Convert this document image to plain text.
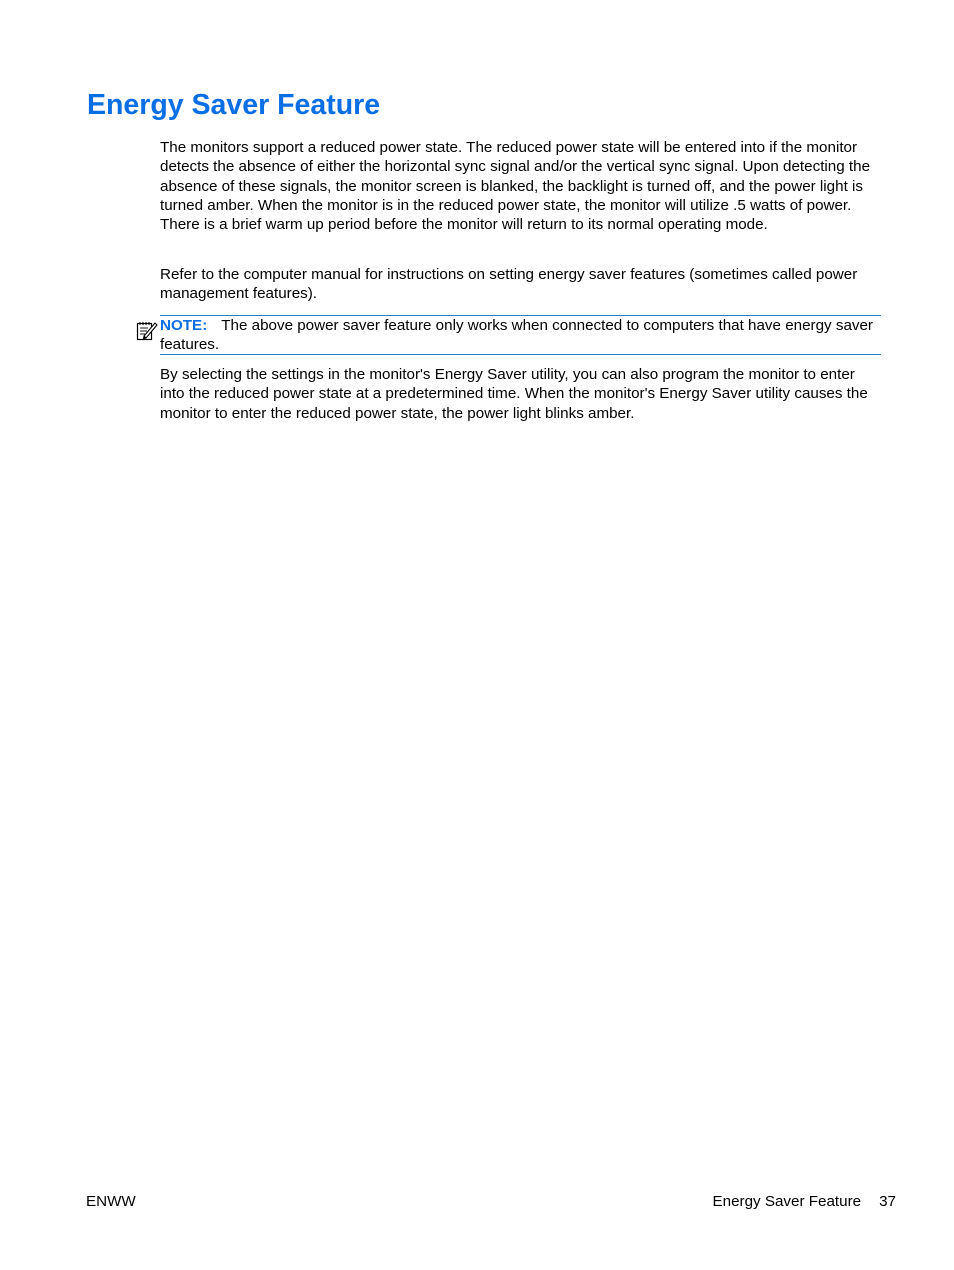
Energy Saver Feature

The monitors support a reduced power state. The reduced power state will be entered into if the monitor detects the absence of either the horizontal sync signal and/or the vertical sync signal. Upon detecting the absence of these signals, the monitor screen is blanked, the backlight is turned off, and the power light is turned amber. When the monitor is in the reduced power state, the monitor will utilize .5 watts of power. There is a brief warm up period before the monitor will return to its normal operating mode.

Refer to the computer manual for instructions on setting energy saver features (sometimes called power management features).

NOTE: The above power saver feature only works when connected to computers that have energy saver features.

By selecting the settings in the monitor's Energy Saver utility, you can also program the monitor to enter into the reduced power state at a predetermined time. When the monitor's Energy Saver utility causes the monitor to enter the reduced power state, the power light blinks amber.

ENWW	Energy Saver Feature 37
